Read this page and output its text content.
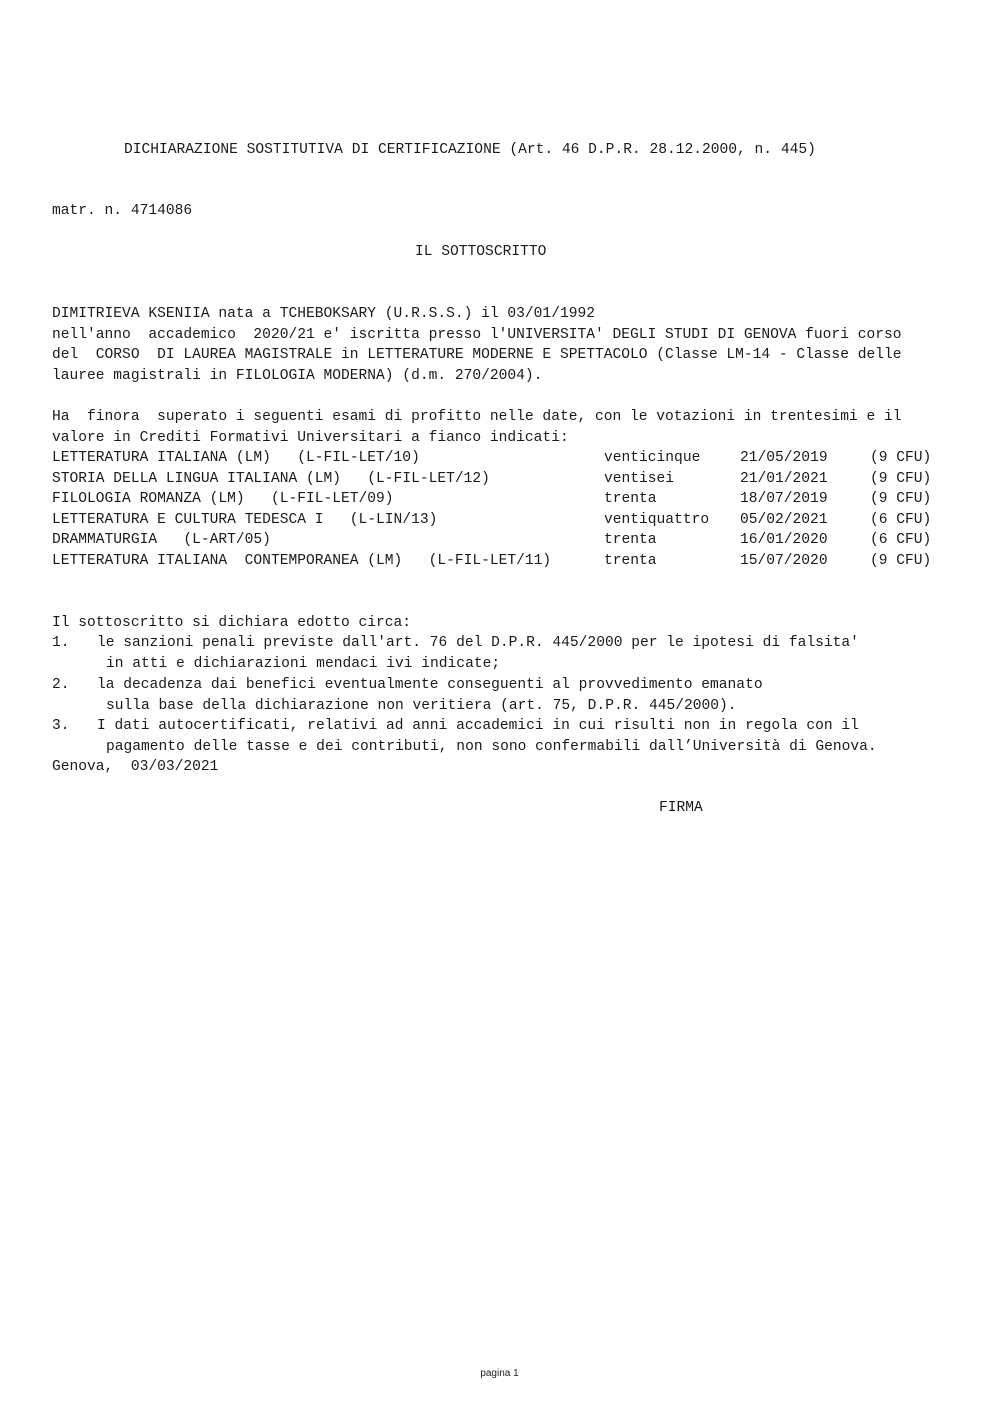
DICHIARAZIONE SOSTITUTIVA DI CERTIFICAZIONE (Art. 46 D.P.R. 28.12.2000, n. 445)
matr. n. 4714086
IL SOTTOSCRITTO
DIMITRIEVA KSENIIA nata a TCHEBOKSARY (U.R.S.S.) il 03/01/1992
nell'anno  accademico  2020/21 e' iscritta presso l'UNIVERSITA' DEGLI STUDI DI GENOVA fuori corso
del  CORSO  DI LAUREA MAGISTRALE in LETTERATURE MODERNE E SPETTACOLO (Classe LM-14 - Classe delle
lauree magistrali in FILOLOGIA MODERNA) (d.m. 270/2004).
Ha  finora  superato i seguenti esami di profitto nelle date, con le votazioni in trentesimi e il
valore in Crediti Formativi Universitari a fianco indicati:
LETTERATURA ITALIANA (LM)   (L-FIL-LET/10)	venticinque	21/05/2019	(9 CFU)
STORIA DELLA LINGUA ITALIANA (LM)   (L-FIL-LET/12)	ventisei	21/01/2021	(9 CFU)
FILOLOGIA ROMANZA (LM)   (L-FIL-LET/09)	trenta	18/07/2019	(9 CFU)
LETTERATURA E CULTURA TEDESCA I   (L-LIN/13)	ventiquattro 05/02/2021	(6 CFU)
DRAMMATURGIA   (L-ART/05)	trenta	16/01/2020	(6 CFU)
LETTERATURA ITALIANA  CONTEMPORANEA (LM)   (L-FIL-LET/11)	trenta	15/07/2020	(9 CFU)
Il sottoscritto si dichiara edotto circa:
1. le sanzioni penali previste dall'art. 76 del D.P.R. 445/2000 per le ipotesi di falsita'
in atti e dichiarazioni mendaci ivi indicate;
2. la decadenza dai benefici eventualmente conseguenti al provvedimento emanato
sulla base della dichiarazione non veritiera (art. 75, D.P.R. 445/2000).
3. I dati autocertificati, relativi ad anni accademici in cui risulti non in regola con il
pagamento delle tasse e dei contributi, non sono confermabili dall’Università di Genova.
Genova,  03/03/2021
FIRMA
pagina 1
